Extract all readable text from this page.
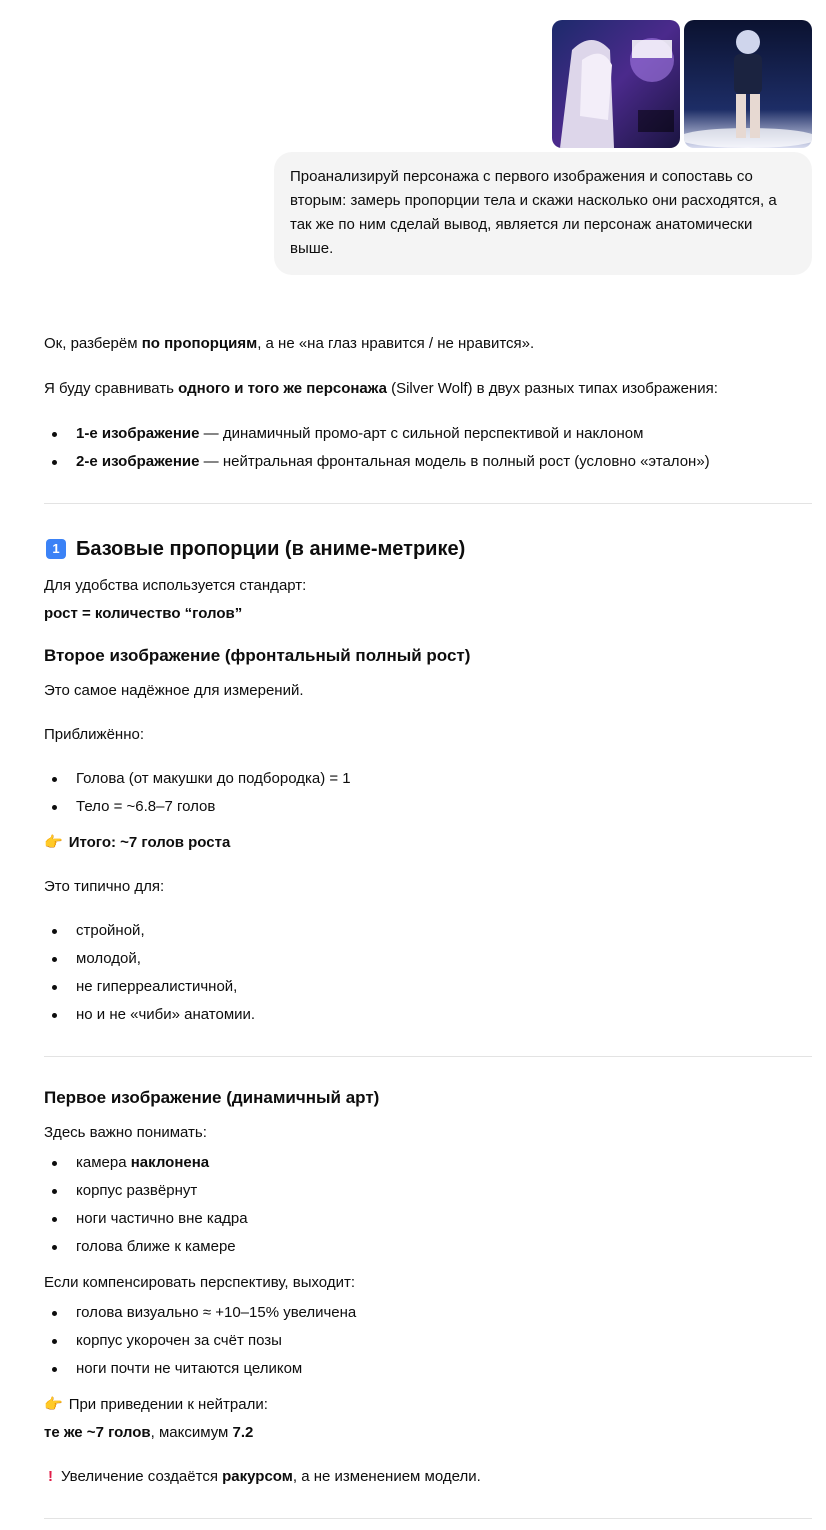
Проанализируй персонажа с первого изображения и сопоставь со вторым: замерь пропорции тела и скажи насколько они расходятся, а так же по ним сделай вывод, является ли персонаж анатомически выше.

Ок, разберём по пропорциям, а не «на глаз нравится / не нравится».

Я буду сравнивать одного и того же персонажа (Silver Wolf) в двух разных типах изображения:

1-е изображение — динамичный промо-арт с сильной перспективой и наклоном
2-е изображение — нейтральная фронтальная модель в полный рост (условно «эталон»)
1 Базовые пропорции (в аниме-метрике)

Для удобства используется стандарт:

рост = количество “голов”

Второе изображение (фронтальный полный рост)

Это самое надёжное для измерений.

Приближённо:

Голова (от макушки до подбородка) = 1
Тело = ~6.8–7 голов

👉 Итого: ~7 голов роста

Это типично для:

стройной,
молодой,
не гиперреалистичной,
но и не «чиби» анатомии.
Первое изображение (динамичный арт)

Здесь важно понимать:

камера наклонена
корпус развёрнут
ноги частично вне кадра
голова ближе к камере

Если компенсировать перспективу, выходит:

голова визуально ≈ +10–15% увеличена
корпус укорочен за счёт позы
ноги почти не читаются целиком

👉 При приведении к нейтрали:

те же ~7 голов, максимум 7.2

! Увеличение создаётся ракурсом, а не изменением модели.
